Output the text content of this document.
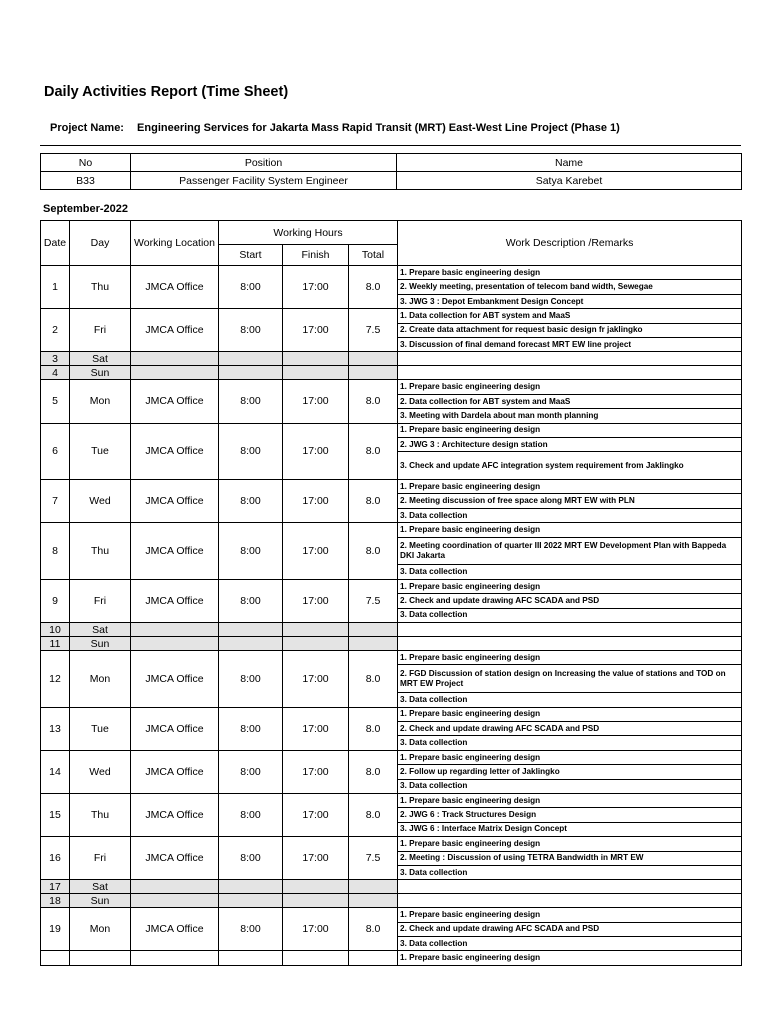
Daily Activities Report (Time Sheet)
Project Name: Engineering Services for Jakarta Mass Rapid Transit (MRT) East-West Line Project (Phase 1)
No	Position	Name
B33	Passenger Facility System Engineer	Satya Karebet
September-2022
Date	Day	Working Location	Working Hours			Work Description /Remarks
			Start	Finish	Total	
1	Thu	JMCA Office	8:00	17:00	8.0	1. Prepare basic engineering design
						2. Weekly meeting, presentation of telecom band width, Sewegae
						3. JWG 3 : Depot Embankment Design Concept
2	Fri	JMCA Office	8:00	17:00	7.5	1. Data collection for ABT system and MaaS
						2. Create data attachment for request basic design fr jaklingko
						3. Discussion of final demand forecast MRT EW line project
3	Sat					
4	Sun					
5	Mon	JMCA Office	8:00	17:00	8.0	1. Prepare basic engineering design
						2. Data collection for ABT system and MaaS
						3. Meeting with Dardela about man month planning
6	Tue	JMCA Office	8:00	17:00	8.0	1. Prepare basic engineering design
						2. JWG 3 : Architecture design station
						3. Check and update AFC integration system requirement from Jaklingko
7	Wed	JMCA Office	8:00	17:00	8.0	1. Prepare basic engineering design
						2. Meeting discussion of free space along MRT EW with PLN
						3. Data collection
8	Thu	JMCA Office	8:00	17:00	8.0	1. Prepare basic engineering design
						2. Meeting coordination of quarter III 2022 MRT EW Development Plan with Bappeda DKI Jakarta
						3. Data collection
9	Fri	JMCA Office	8:00	17:00	7.5	1. Prepare basic engineering design
						2. Check and update drawing AFC SCADA and PSD
						3. Data collection
10	Sat					
11	Sun					
12	Mon	JMCA Office	8:00	17:00	8.0	1. Prepare basic engineering design
						2. FGD Discussion of station design on Increasing the value of stations and TOD on MRT EW Project
						3. Data collection
13	Tue	JMCA Office	8:00	17:00	8.0	1. Prepare basic engineering design
						2. Check and update drawing AFC SCADA and PSD
						3. Data collection
14	Wed	JMCA Office	8:00	17:00	8.0	1. Prepare basic engineering design
						2. Follow up regarding letter of Jaklingko
						3. Data collection
15	Thu	JMCA Office	8:00	17:00	8.0	1. Prepare basic engineering design
						2. JWG 6 : Track Structures Design
						3. JWG 6 : Interface Matrix Design Concept
16	Fri	JMCA Office	8:00	17:00	7.5	1. Prepare basic engineering design
						2. Meeting : Discussion of using TETRA Bandwidth in MRT EW
						3. Data collection
17	Sat					
18	Sun					
19	Mon	JMCA Office	8:00	17:00	8.0	1. Prepare basic engineering design
						2. Check and update drawing AFC SCADA and PSD
						3. Data collection
						1. Prepare basic engineering design
